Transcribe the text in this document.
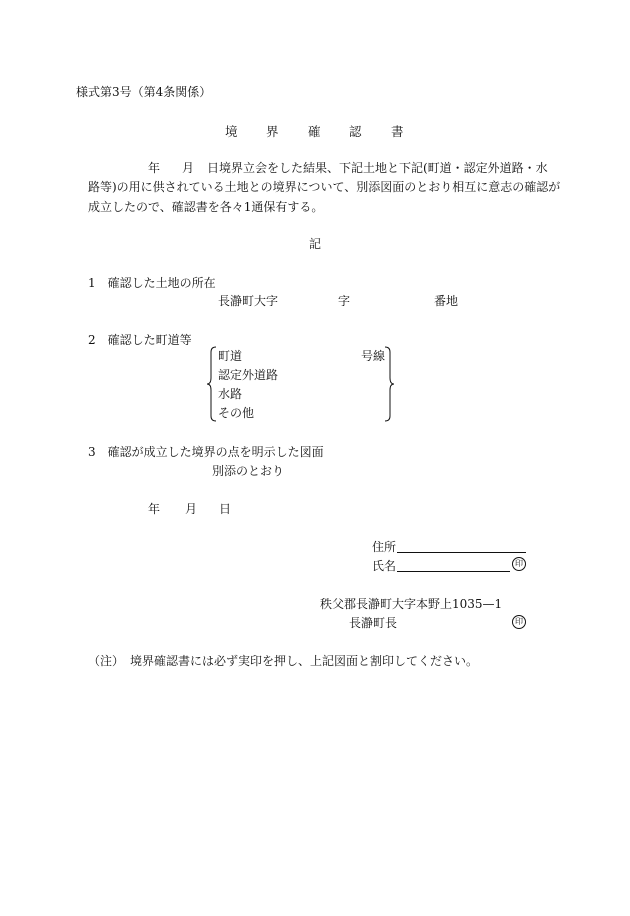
様式第3号（第4条関係）
境 界 確 認 書
年 月 日境界立会をした結果、下記土地と下記(町道・認定外道路・水
路等)の用に供されている土地との境界について、別添図面のとおり相互に意志の確認が
成立したので、確認書を各々1通保有する。
記
1　確認した土地の所在
長瀞町大字	字	番地
2　確認した町道等
町道	号線
認定外道路
水路
その他
3　確認が成立した境界の点を明示した図面
別添のとおり
年 月 日
住所
氏名	印
秩父郡長瀞町大字本野上1035—1
長瀞町長	印
（注）　境界確認書には必ず実印を押し、上記図面と割印してください。
